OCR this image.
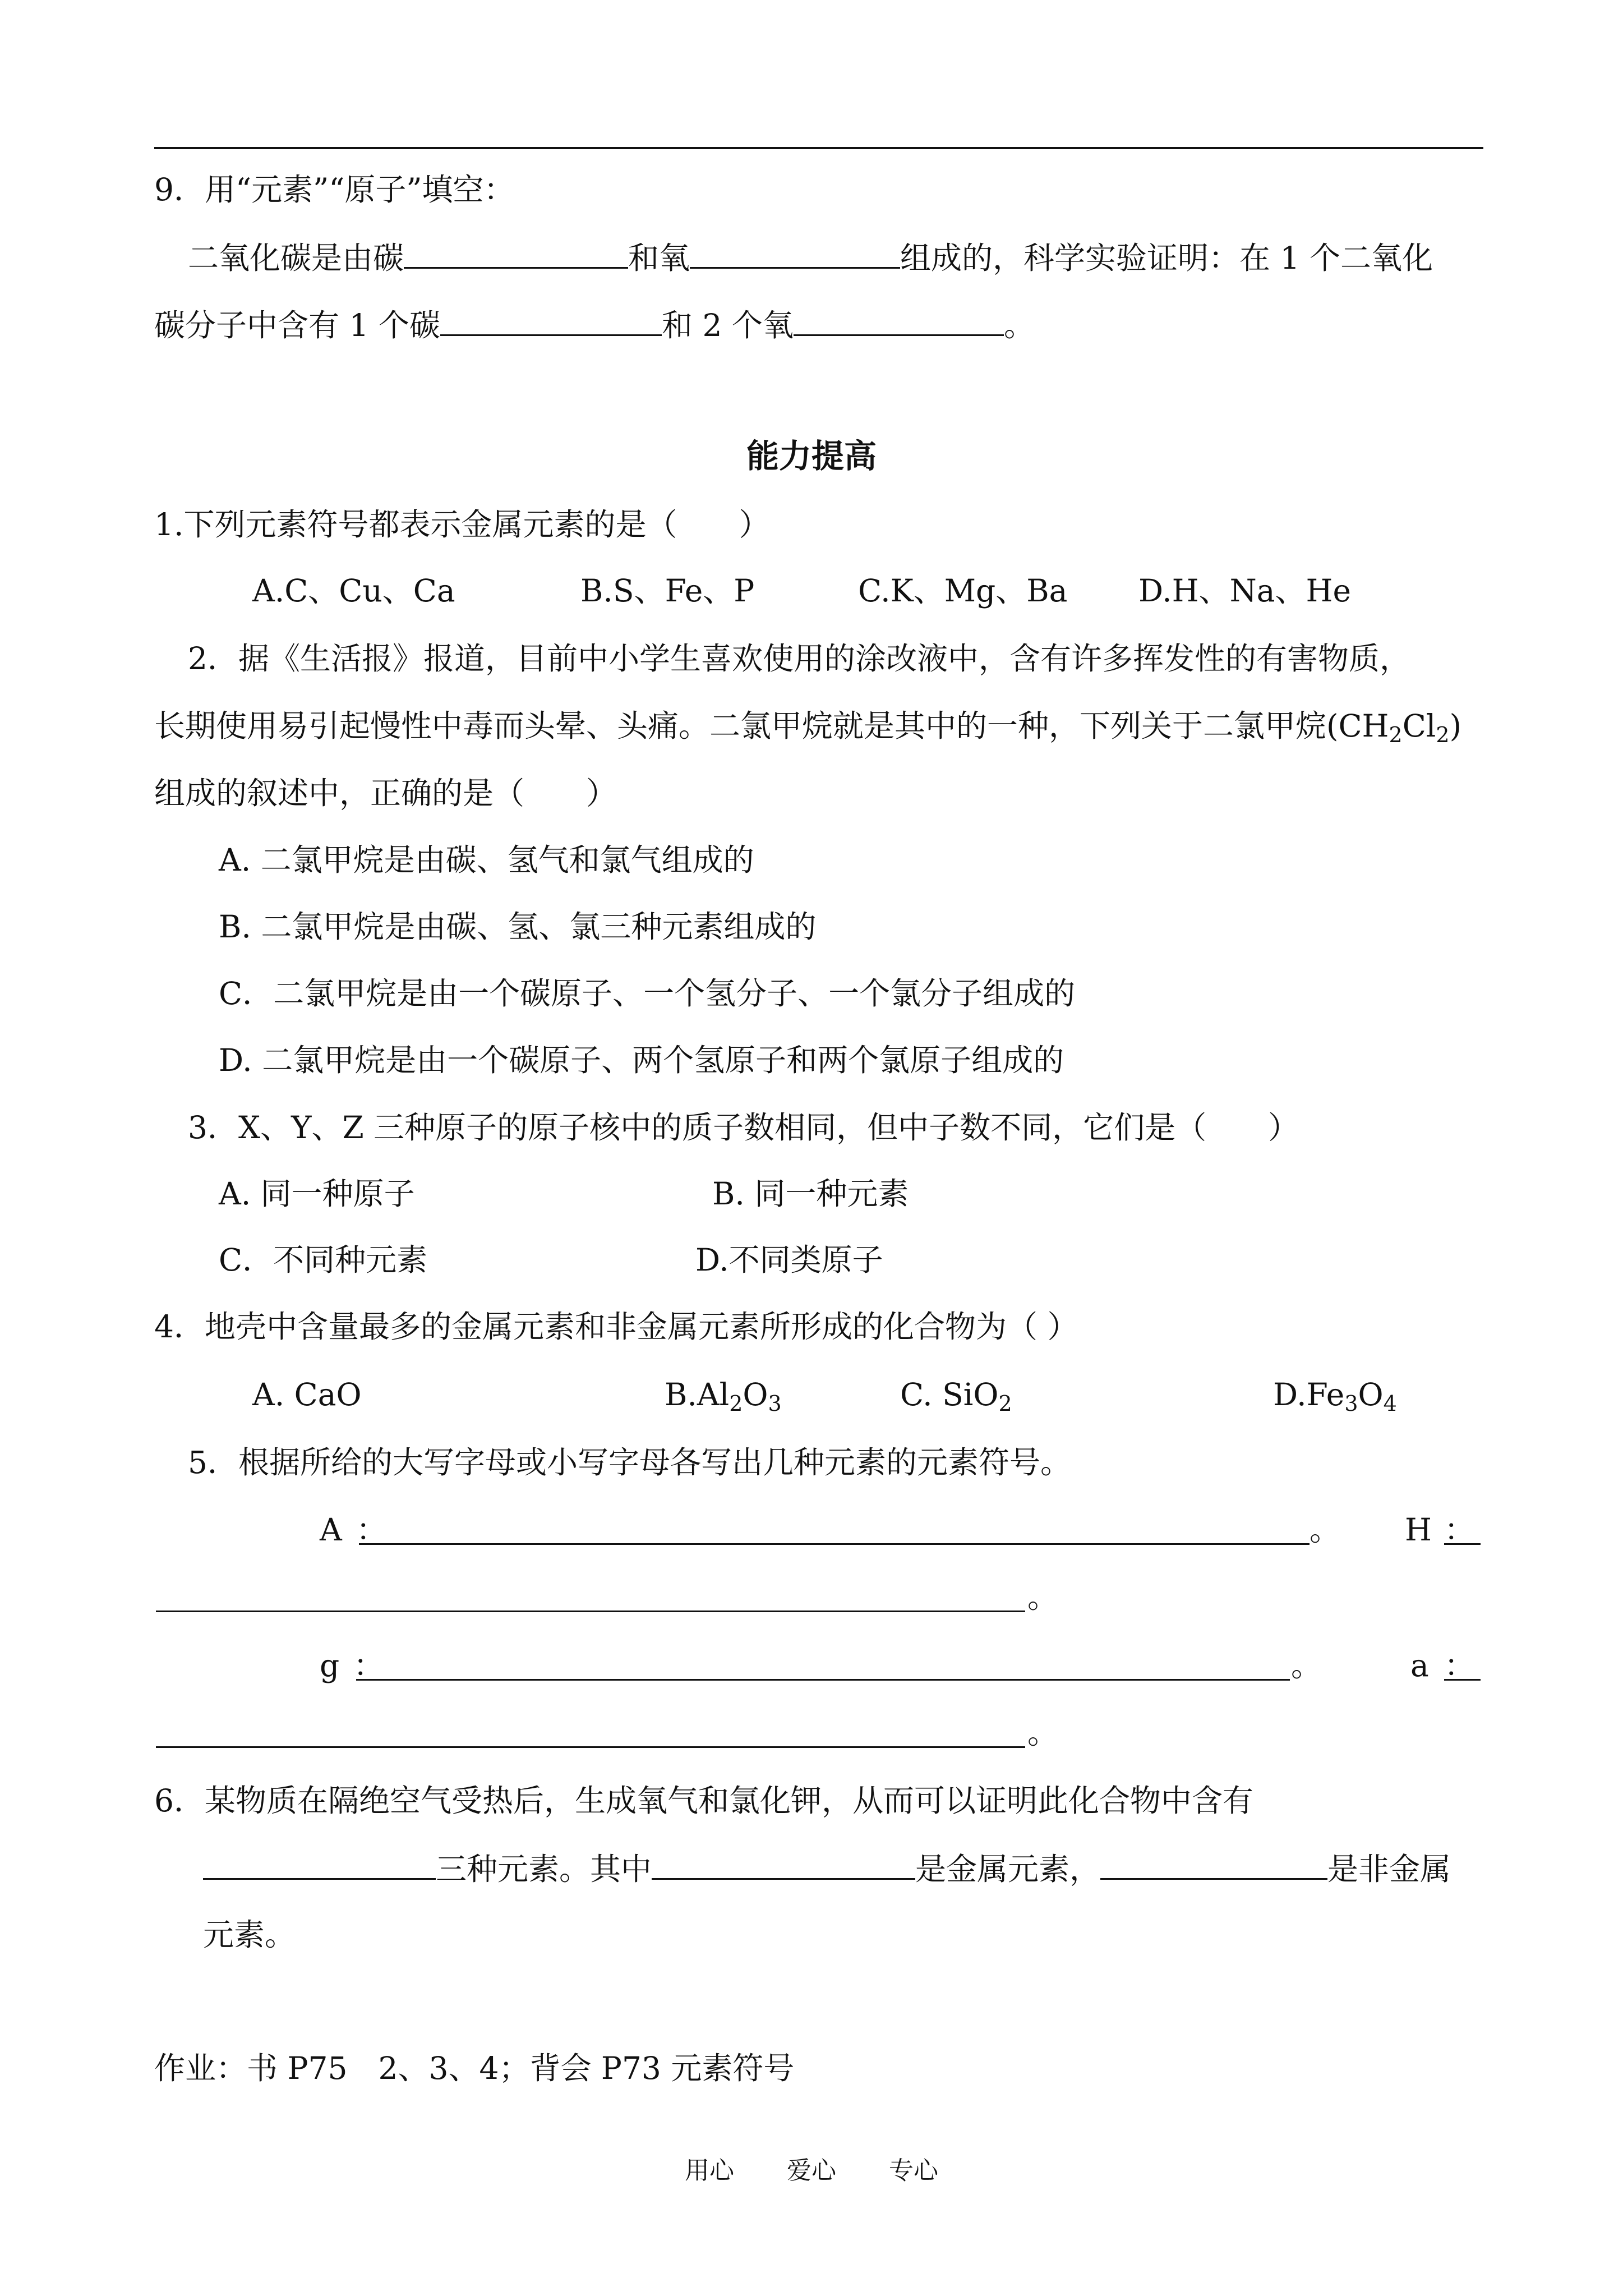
9．用“元素”“原子”填空：
二氧化碳是由碳	和氧	组成的，科学实验证明：在 1 个二氧化
碳分子中含有 1 个碳	和 2 个氧	。
能力提高
1.下列元素符号都表示金属元素的是（　　）
A.C、Cu、Ca	B.S、Fe、P	C.K、Mg、Ba D.H、Na、He
2．据《生活报》报道，目前中小学生喜欢使用的涂改液中，含有许多挥发性的有害物质，
长期使用易引起慢性中毒而头晕、头痛。二氯甲烷就是其中的一种，下列关于二氯甲烷$(CH_2Cl_2)$
组成的叙述中，正确的是（　　）
A. 二氯甲烷是由碳、氢气和氯气组成的
B. 二氯甲烷是由碳、氢、氯三种元素组成的
C．二氯甲烷是由一个碳原子、一个氢分子、一个氯分子组成的
D. 二氯甲烷是由一个碳原子、两个氢原子和两个氯原子组成的
3．X、Y、Z 三种原子的原子核中的质子数相同，但中子数不同，它们是（　　）
A. 同一种原子	B. 同一种元素
C．不同种元素	D.不同类原子
4．地壳中含量最多的金属元素和非金属元素所形成的化合物为（ ）
A. CaO	$B.Al_2O_3$	C. SiO$_2$	$D.Fe_3O_4$
5．根据所给的大写字母或小写字母各写出几种元素的元素符号。
A ：	。 H ：
。
g ：	。	a ：
。
6．某物质在隔绝空气受热后，生成氧气和氯化钾，从而可以证明此化合物中含有
三种元素。其中	是金属元素，	是非金属
元素。
作业：书 P75　2、3、4；背会 P73 元素符号
用心 爱心 专心
